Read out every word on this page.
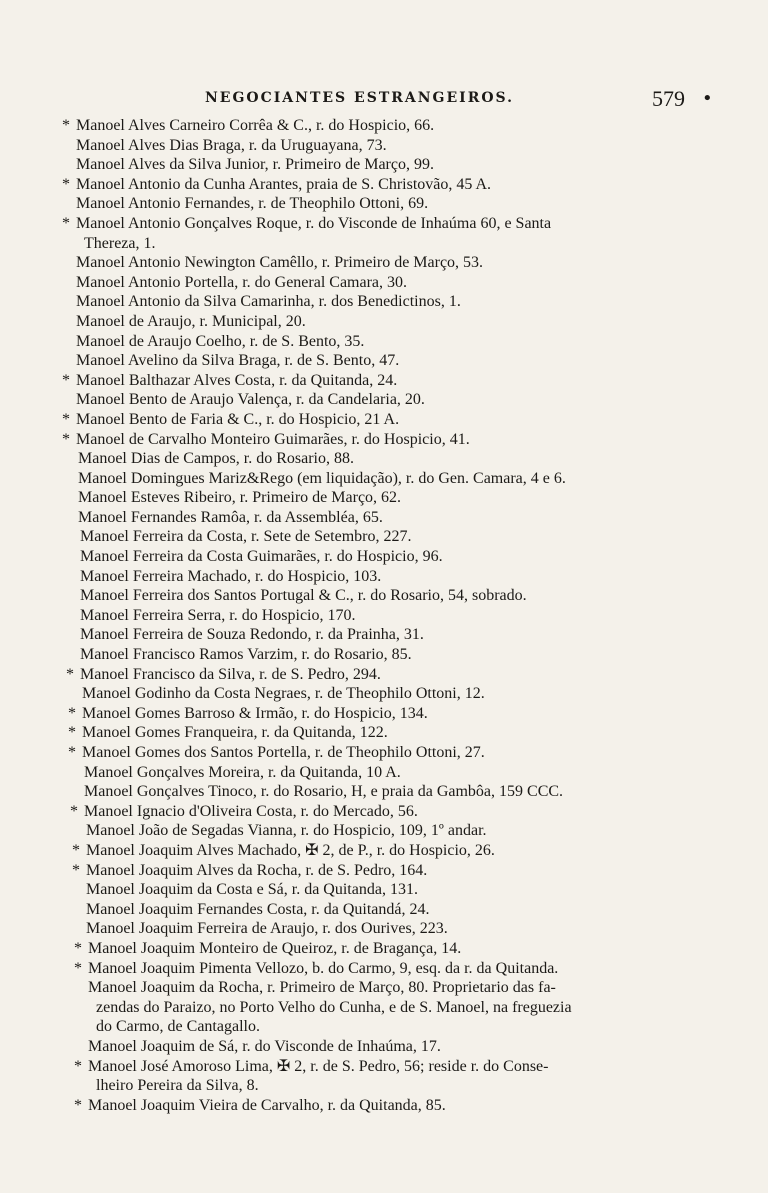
NEGOCIANTES ESTRANGEIROS.	579 •
* Manoel Alves Carneiro Corrêa & C., r. do Hospicio, 66.
Manoel Alves Dias Braga, r. da Uruguayana, 73.
Manoel Alves da Silva Junior, r. Primeiro de Março, 99.
* Manoel Antonio da Cunha Arantes, praia de S. Christovão, 45 A.
Manoel Antonio Fernandes, r. de Theophilo Ottoni, 69.
* Manoel Antonio Gonçalves Roque, r. do Visconde de Inhaúma 60, e Santa
Thereza, 1.
Manoel Antonio Newington Camêllo, r. Primeiro de Março, 53.
Manoel Antonio Portella, r. do General Camara, 30.
Manoel Antonio da Silva Camarinha, r. dos Benedictinos, 1.
Manoel de Araujo, r. Municipal, 20.
Manoel de Araujo Coelho, r. de S. Bento, 35.
Manoel Avelino da Silva Braga, r. de S. Bento, 47.
* Manoel Balthazar Alves Costa, r. da Quitanda, 24.
Manoel Bento de Araujo Valença, r. da Candelaria, 20.
* Manoel Bento de Faria & C., r. do Hospicio, 21 A.
* Manoel de Carvalho Monteiro Guimarães, r. do Hospicio, 41.
Manoel Dias de Campos, r. do Rosario, 88.
Manoel Domingues Mariz&Rego (em liquidação), r. do Gen. Camara, 4 e 6.
Manoel Esteves Ribeiro, r. Primeiro de Março, 62.
Manoel Fernandes Ramôa, r. da Assembléa, 65.
Manoel Ferreira da Costa, r. Sete de Setembro, 227.
Manoel Ferreira da Costa Guimarães, r. do Hospicio, 96.
Manoel Ferreira Machado, r. do Hospicio, 103.
Manoel Ferreira dos Santos Portugal & C., r. do Rosario, 54, sobrado.
Manoel Ferreira Serra, r. do Hospicio, 170.
Manoel Ferreira de Souza Redondo, r. da Prainha, 31.
Manoel Francisco Ramos Varzim, r. do Rosario, 85.
* Manoel Francisco da Silva, r. de S. Pedro, 294.
Manoel Godinho da Costa Negraes, r. de Theophilo Ottoni, 12.
* Manoel Gomes Barroso & Irmão, r. do Hospicio, 134.
* Manoel Gomes Franqueira, r. da Quitanda, 122.
* Manoel Gomes dos Santos Portella, r. de Theophilo Ottoni, 27.
Manoel Gonçalves Moreira, r. da Quitanda, 10 A.
Manoel Gonçalves Tinoco, r. do Rosario, H, e praia da Gambôa, 159 CCC.
* Manoel Ignacio d'Oliveira Costa, r. do Mercado, 56.
Manoel João de Segadas Vianna, r. do Hospicio, 109, 1º andar.
* Manoel Joaquim Alves Machado, ✠ 2, de P., r. do Hospicio, 26.
* Manoel Joaquim Alves da Rocha, r. de S. Pedro, 164.
Manoel Joaquim da Costa e Sá, r. da Quitanda, 131.
Manoel Joaquim Fernandes Costa, r. da Quitandá, 24.
Manoel Joaquim Ferreira de Araujo, r. dos Ourives, 223.
* Manoel Joaquim Monteiro de Queiroz, r. de Bragança, 14.
* Manoel Joaquim Pimenta Vellozo, b. do Carmo, 9, esq. da r. da Quitanda.
Manoel Joaquim da Rocha, r. Primeiro de Março, 80. Proprietario das fa-
zendas do Paraizo, no Porto Velho do Cunha, e de S. Manoel, na freguezia
do Carmo, de Cantagallo.
Manoel Joaquim de Sá, r. do Visconde de Inhaúma, 17.
* Manoel José Amoroso Lima, ✠ 2, r. de S. Pedro, 56; reside r. do Conse-
lheiro Pereira da Silva, 8.
* Manoel Joaquim Vieira de Carvalho, r. da Quitanda, 85.
